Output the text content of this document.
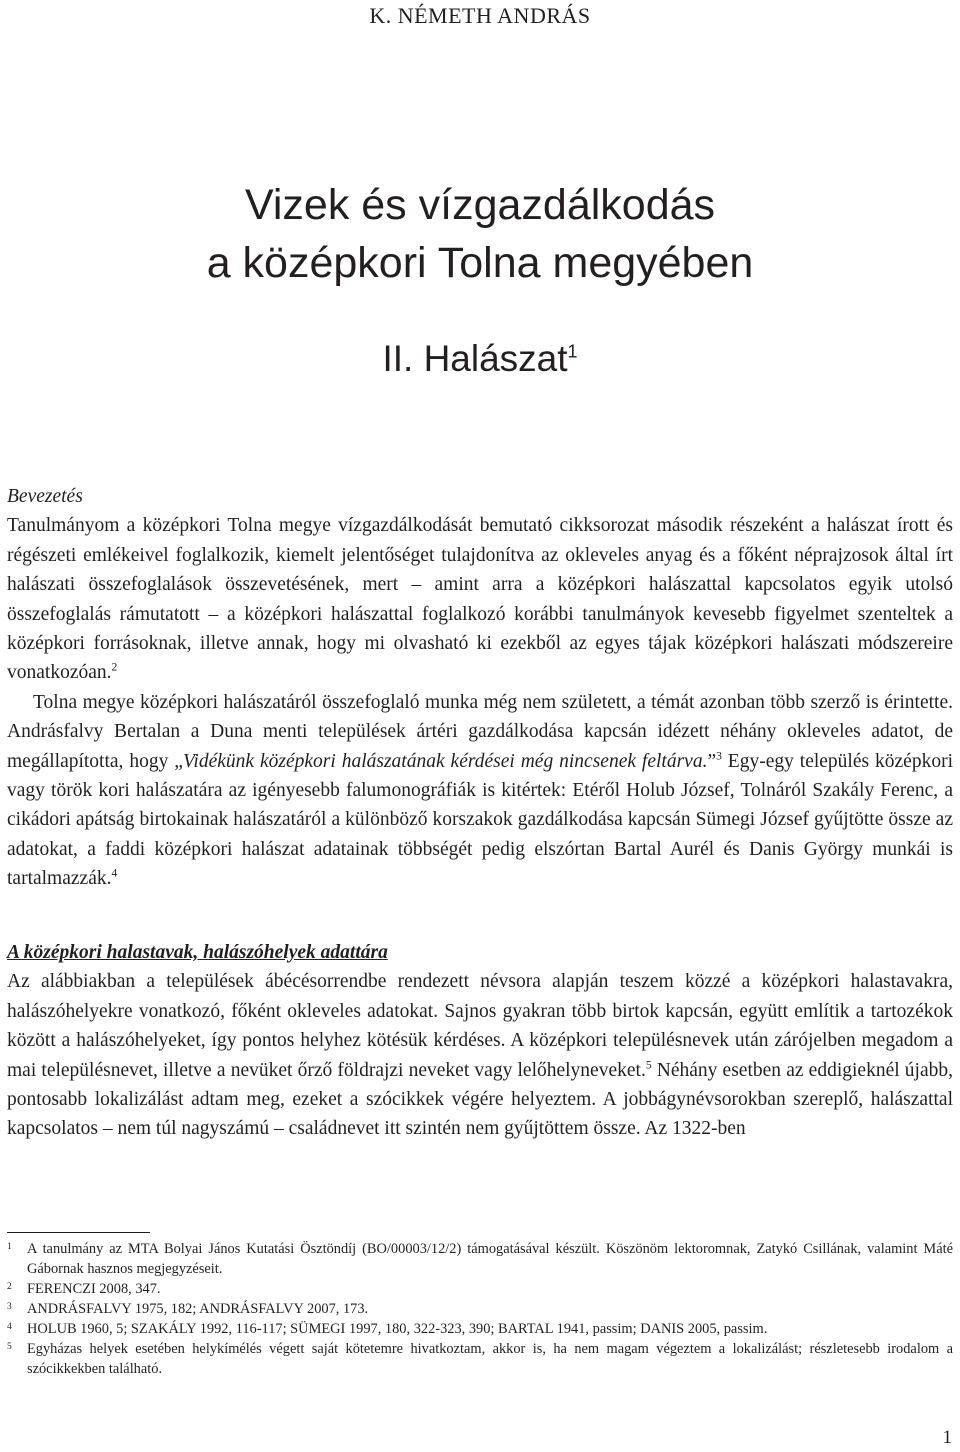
K. NÉMETH ANDRÁS
Vizek és vízgazdálkodás
a középkori Tolna megyében
II. Halászat$^1$

Bevezetés

Tanulmányom a középkori Tolna megye vízgazdálkodását bemutató cikksorozat második részeként a halászat írott és régészeti emlékeivel foglalkozik, kiemelt jelentőséget tulajdonítva az okleveles anyag és a főként néprajzosok által írt halászati összefoglalások összevetésének, mert – amint arra a középkori halászattal kapcsolatos egyik utolsó összefoglalás rámutatott – a középkori halászattal foglalkozó korábbi tanulmányok kevesebb figyelmet szenteltek a középkori forrásoknak, illetve annak, hogy mi olvasható ki ezekből az egyes tájak középkori halászati módszereire vonatkozóan.$^2$

Tolna megye középkori halászatáról összefoglaló munka még nem született, a témát azonban több szerző is érintette. Andrásfalvy Bertalan a Duna menti települések ártéri gazdálkodása kapcsán idézett néhány okleveles adatot, de megállapította, hogy „Vidékünk középkori halászatának kérdései még nincsenek feltárva.”$^3$ Egy-egy település középkori vagy török kori halászatára az igényesebb falumonográfiák is kitértek: Etéről Holub József, Tolnáról Szakály Ferenc, a cikádori apátság birtokainak halászatáról a különböző korszakok gazdálkodása kapcsán Sümegi József gyűjtötte össze az adatokat, a faddi középkori halászat adatainak többségét pedig elszórtan Bartal Aurél és Danis György munkái is tartalmazzák.$^4$

A középkori halastavak, halászóhelyek adattára

Az alábbiakban a települések ábécésorrendbe rendezett névsora alapján teszem közzé a középkori halastavakra, halászóhelyekre vonatkozó, főként okleveles adatokat. Sajnos gyakran több birtok kapcsán, együtt említik a tartozékok között a halászóhelyeket, így pontos helyhez kötésük kérdéses. A középkori településnevek után zárójelben megadom a mai településnevet, illetve a nevüket őrző földrajzi neveket vagy lelőhelyneveket.$^5$ Néhány esetben az eddigieknél újabb, pontosabb lokalizálást adtam meg, ezeket a szócikkek végére helyeztem. A jobbágynévsorokban szereplő, halászattal kapcsolatos – nem túl nagyszámú – családnevet itt szintén nem gyűjtöttem össze. Az 1322-ben

1	A tanulmány az MTA Bolyai János Kutatási Ösztöndíj (BO/00003/12/2) támogatásával készült. Köszönöm lektoromnak, Zatykó Csillának, valamint Máté Gábornak hasznos megjegyzéseit.

2	FERENCZI 2008, 347.

3	ANDRÁSFALVY 1975, 182; ANDRÁSFALVY 2007, 173.

4	HOLUB 1960, 5; SZAKÁLY 1992, 116-117; SÜMEGI 1997, 180, 322-323, 390; BARTAL 1941, passim; DANIS 2005, passim.

5	Egyházas helyek esetében helykímélés végett saját kötetemre hivatkoztam, akkor is, ha nem magam végeztem a lokalizálást; részletesebb irodalom a szócikkekben található.

1
